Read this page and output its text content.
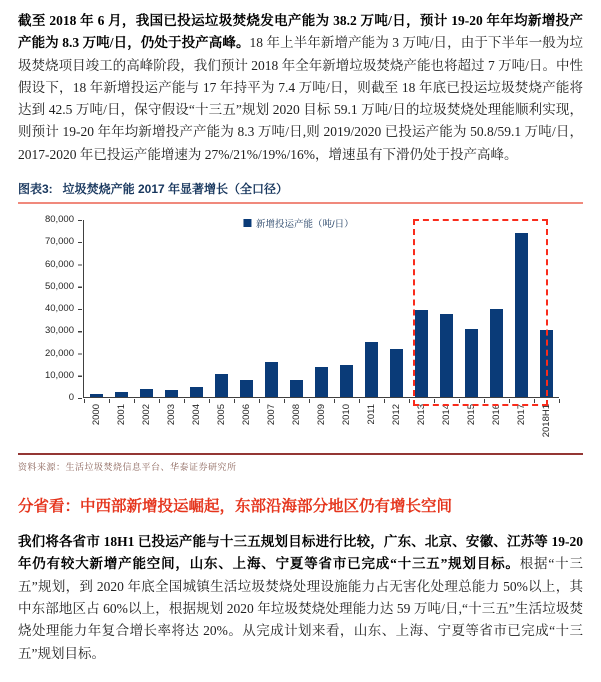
截至 2018 年 6 月，我国已投运垃圾焚烧发电产能为 38.2 万吨/日，预计 19-20 年年均新增投产产能为 8.3 万吨/日，仍处于投产高峰。18 年上半年新增产能为 3 万吨/日，由于下半年一般为垃圾焚烧项目竣工的高峰阶段，我们预计 2018 年全年新增垃圾焚烧产能也将超过 7 万吨/日。中性假设下，18 年新增投运产能与 17 年持平为 7.4 万吨/日，则截至 18 年底已投运垃圾焚烧产能将达到 42.5 万吨/日，保守假设“十三五”规划 2020 目标 59.1 万吨/日的垃圾焚烧处理能顺利实现，则预计 19-20 年年均新增投产产能为 8.3 万吨/日,则 2019/2020 已投运产能为 50.8/59.1 万吨/日， 2017-2020 年已投运产能增速为 27%/21%/19%/16%，增速虽有下滑仍处于投产高峰。

图表3: 垃圾焚烧产能 2017 年显著增长（全口径）
新增投运产能（吨/日）
80,000
70,000
60,000
50,000
40,000
30,000
20,000
10,000
0
2000 2001 2002 2003 2004 2005 2006 2007 2008 2009 2010 2011 2012 2013 2014 2015 2016 2017 2018H1

资料来源：生活垃圾焚烧信息平台、华泰证券研究所

分省看：中西部新增投运崛起，东部沿海部分地区仍有增长空间

我们将各省市 18H1 已投运产能与十三五规划目标进行比较，广东、北京、安徽、江苏等 19-20 年仍有较大新增产能空间，山东、上海、宁夏等省市已完成“十三五”规划目标。根据“十三五”规划，到 2020 年底全国城镇生活垃圾焚烧处理设施能力占无害化处理总能力 50%以上，其中东部地区占 60%以上，根据规划 2020 年垃圾焚烧处理能力达 59 万吨/日,“十三五”生活垃圾焚烧处理能力年复合增长率将达 20%。从完成计划来看，山东、上海、宁夏等省市已完成“十三五”规划目标。
